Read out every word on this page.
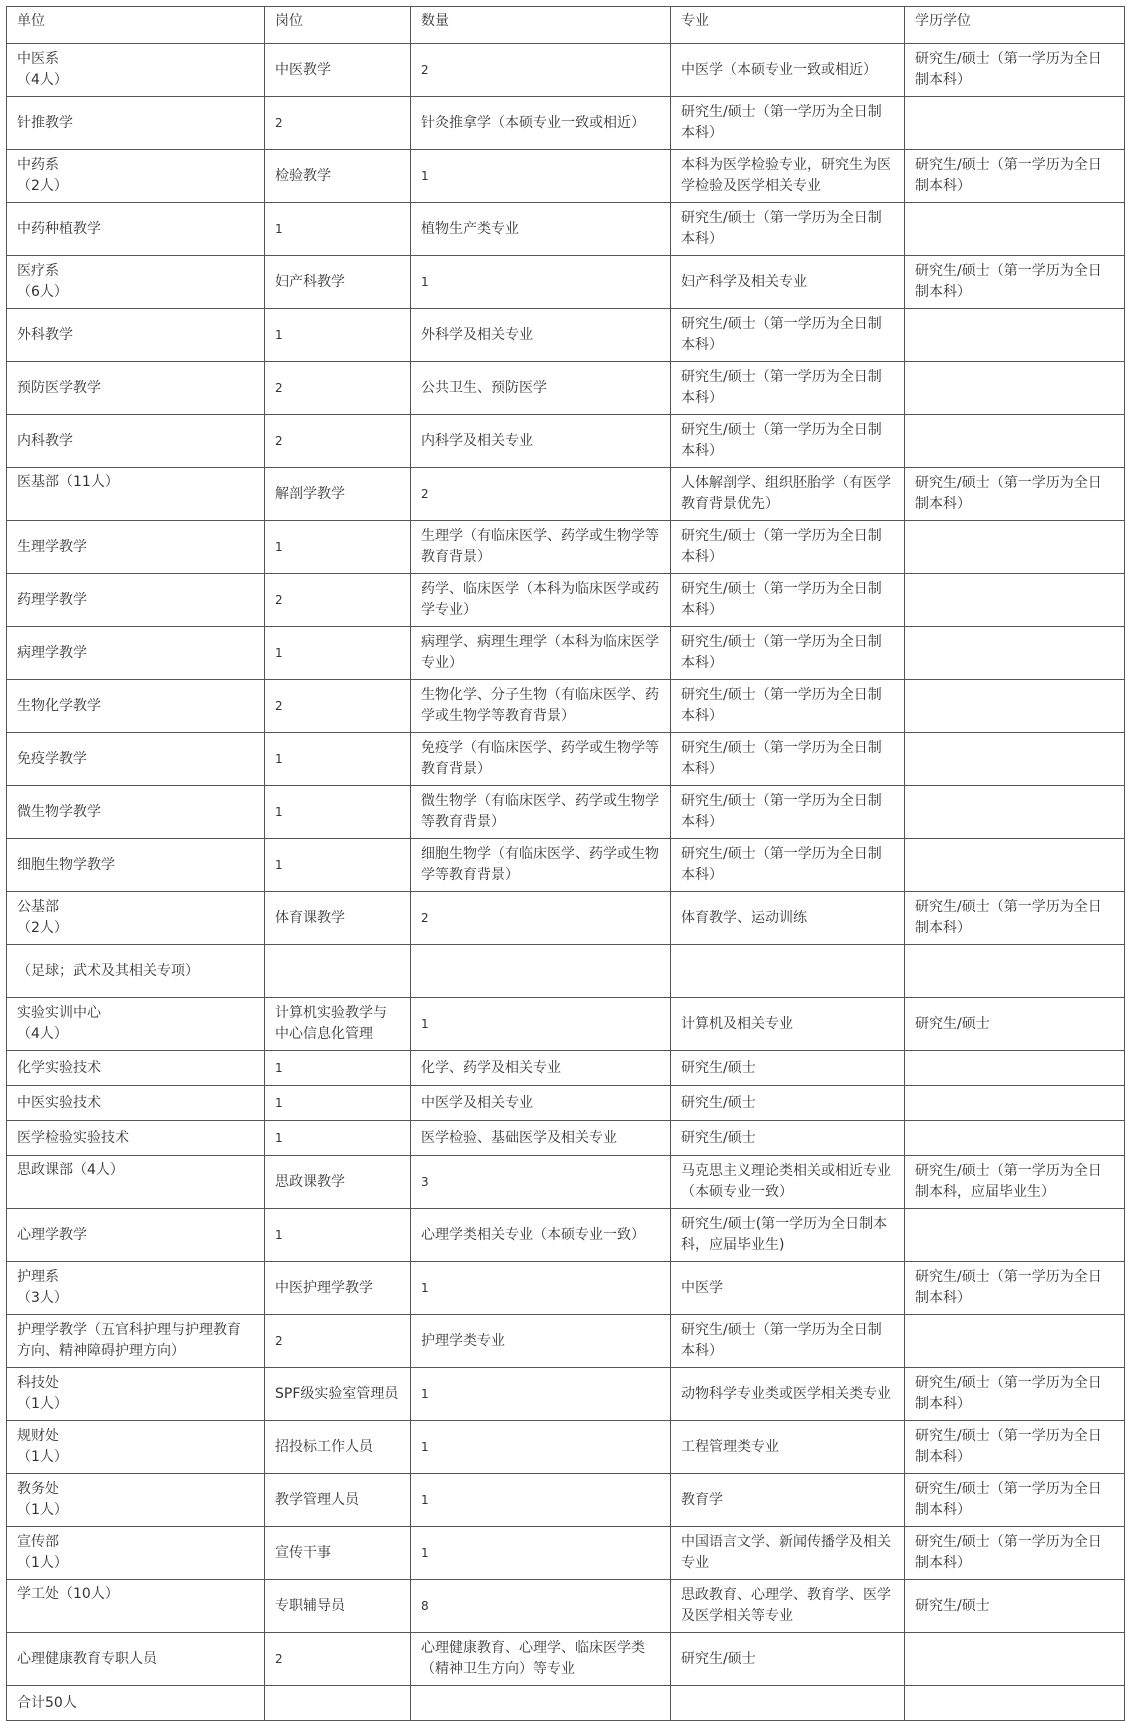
单位	岗位	数量	专业	学历学位
中医系
（4人）	中医教学	2	中医学（本硕专业一致或相近）	研究生/硕士（第一学历为全日制本科）
针推教学	2	针灸推拿学（本硕专业一致或相近）	研究生/硕士（第一学历为全日制本科）	
中药系
（2人）	检验教学	1	本科为医学检验专业，研究生为医学检验及医学相关专业	研究生/硕士（第一学历为全日制本科）
中药种植教学	1	植物生产类专业	研究生/硕士（第一学历为全日制本科）	
医疗系
（6人）	妇产科教学	1	妇产科学及相关专业	研究生/硕士（第一学历为全日制本科）
外科教学	1	外科学及相关专业	研究生/硕士（第一学历为全日制本科）	
预防医学教学	2	公共卫生、预防医学	研究生/硕士（第一学历为全日制本科）	
内科教学	2	内科学及相关专业	研究生/硕士（第一学历为全日制本科）	
医基部（11人）	解剖学教学	2	人体解剖学、组织胚胎学（有医学教育背景优先）	研究生/硕士（第一学历为全日制本科）
生理学教学	1	生理学（有临床医学、药学或生物学等教育背景）	研究生/硕士（第一学历为全日制本科）	
药理学教学	2	药学、临床医学（本科为临床医学或药学专业）	研究生/硕士（第一学历为全日制本科）	
病理学教学	1	病理学、病理生理学（本科为临床医学专业）	研究生/硕士（第一学历为全日制本科）	
生物化学教学	2	生物化学、分子生物（有临床医学、药学或生物学等教育背景）	研究生/硕士（第一学历为全日制本科）	
免疫学教学	1	免疫学（有临床医学、药学或生物学等教育背景）	研究生/硕士（第一学历为全日制本科）	
微生物学教学	1	微生物学（有临床医学、药学或生物学等教育背景）	研究生/硕士（第一学历为全日制本科）	
细胞生物学教学	1	细胞生物学（有临床医学、药学或生物学等教育背景）	研究生/硕士（第一学历为全日制本科）	
公基部
（2人）	体育课教学	2	体育教学、运动训练	研究生/硕士（第一学历为全日制本科）
（足球；武术及其相关专项）				
实验实训中心
（4人）	计算机实验教学与中心信息化管理	1	计算机及相关专业	研究生/硕士
化学实验技术	1	化学、药学及相关专业	研究生/硕士	
中医实验技术	1	中医学及相关专业	研究生/硕士	
医学检验实验技术	1	医学检验、基础医学及相关专业	研究生/硕士	
思政课部（4人）	思政课教学	3	马克思主义理论类相关或相近专业（本硕专业一致）	研究生/硕士（第一学历为全日制本科，应届毕业生）
心理学教学	1	心理学类相关专业（本硕专业一致）	研究生/硕士(第一学历为全日制本科，应届毕业生)	
护理系
（3人）	中医护理学教学	1	中医学	研究生/硕士（第一学历为全日制本科）
护理学教学（五官科护理与护理教育方向、精神障碍护理方向）	2	护理学类专业	研究生/硕士（第一学历为全日制本科）	
科技处
（1人）	SPF级实验室管理员	1	动物科学专业类或医学相关类专业	研究生/硕士（第一学历为全日制本科）
规财处
（1人）	招投标工作人员	1	工程管理类专业	研究生/硕士（第一学历为全日制本科）
教务处
（1人）	教学管理人员	1	教育学	研究生/硕士（第一学历为全日制本科）
宣传部
（1人）	宣传干事	1	中国语言文学、新闻传播学及相关专业	研究生/硕士（第一学历为全日制本科）
学工处（10人）	专职辅导员	8	思政教育、心理学、教育学、医学及医学相关等专业	研究生/硕士
心理健康教育专职人员	2	心理健康教育、心理学、临床医学类（精神卫生方向）等专业	研究生/硕士	
合计50人				
